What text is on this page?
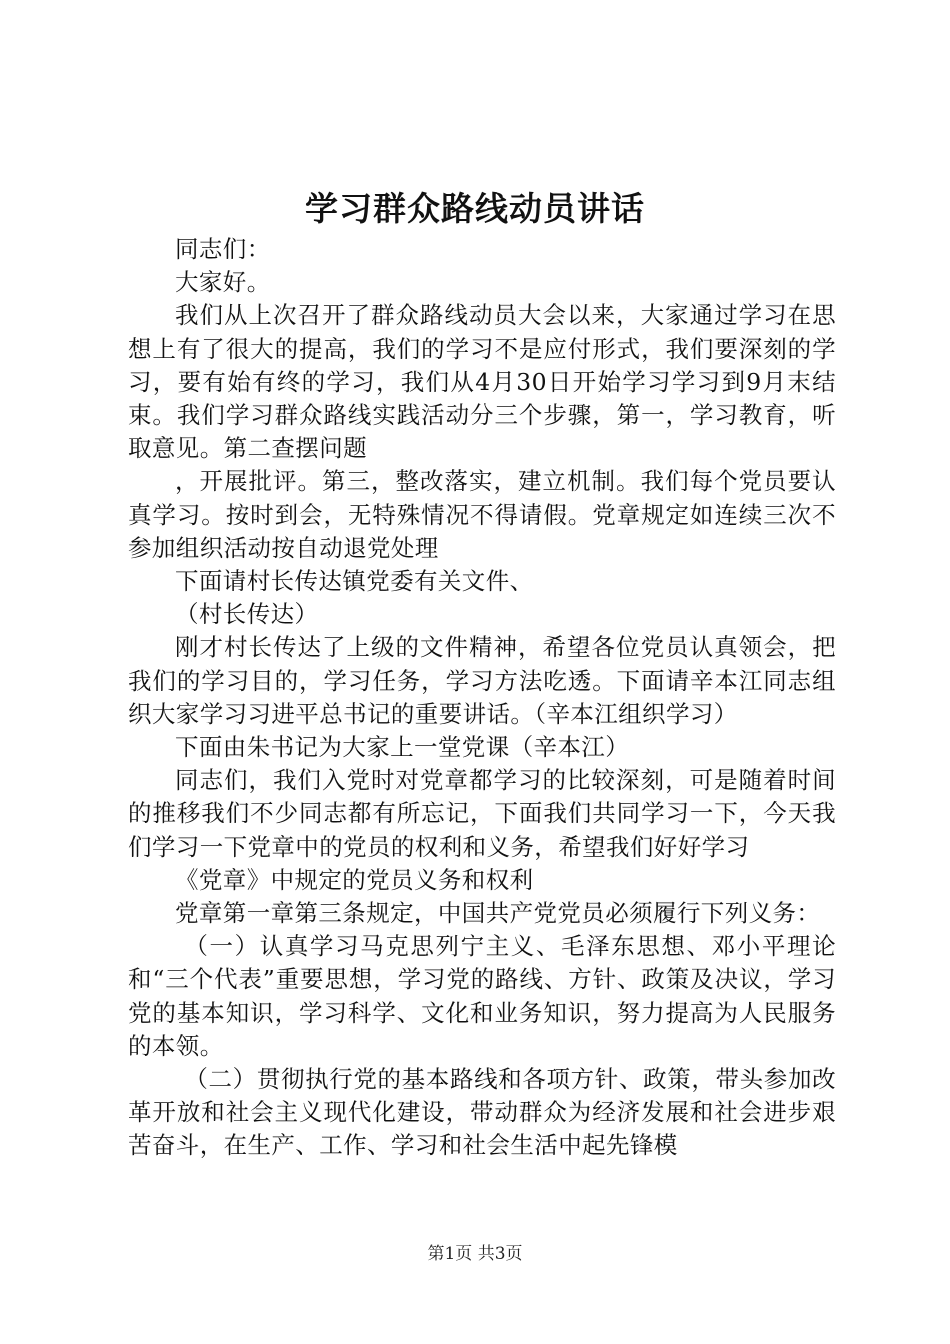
学习群众路线动员讲话

同志们：

大家好。

我们从上次召开了群众路线动员大会以来，大家通过学习在思想上有了很大的提高，我们的学习不是应付形式，我们要深刻的学习，要有始有终的学习，我们从4月30日开始学习学习到9月末结束。我们学习群众路线实践活动分三个步骤，第一，学习教育，听取意见。第二查摆问题

，开展批评。第三，整改落实，建立机制。我们每个党员要认真学习。按时到会，无特殊情况不得请假。党章规定如连续三次不参加组织活动按自动退党处理

下面请村长传达镇党委有关文件、

（村长传达）

刚才村长传达了上级的文件精神，希望各位党员认真领会，把我们的学习目的，学习任务，学习方法吃透。下面请辛本江同志组织大家学习习进平总书记的重要讲话。（辛本江组织学习）

下面由朱书记为大家上一堂党课（辛本江）

同志们，我们入党时对党章都学习的比较深刻，可是随着时间的推移我们不少同志都有所忘记，下面我们共同学习一下，今天我们学习一下党章中的党员的权利和义务，希望我们好好学习

《党章》中规定的党员义务和权利

党章第一章第三条规定，中国共产党党员必须履行下列义务：

（一）认真学习马克思列宁主义、毛泽东思想、邓小平理论和“三个代表”重要思想，学习党的路线、方针、政策及决议，学习党的基本知识，学习科学、文化和业务知识，努力提高为人民服务的本领。

（二）贯彻执行党的基本路线和各项方针、政策，带头参加改革开放和社会主义现代化建设，带动群众为经济发展和社会进步艰苦奋斗，在生产、工作、学习和社会生活中起先锋模

第1页 共3页
